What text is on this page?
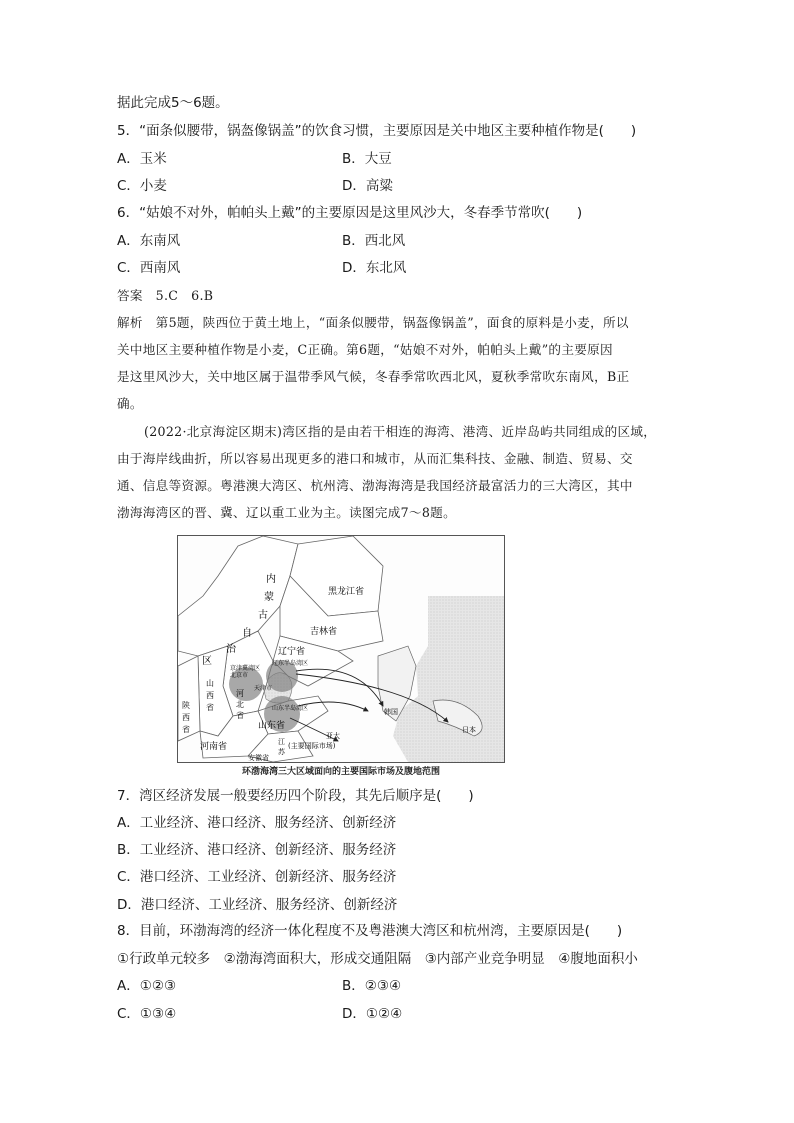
据此完成5～6题。
5．“面条似腰带，锅盔像锅盖”的饮食习惯，主要原因是关中地区主要种植作物是(　　)
A．玉米	B．大豆
C．小麦	D．高粱
6．“姑娘不对外，帕帕头上戴”的主要原因是这里风沙大，冬春季节常吹(　　)
A．东南风	B．西北风
C．西南风	D．东北风
答案　5.C　6.B
解析　第5题，陕西位于黄土地上，“面条似腰带，锅盔像锅盖”，面食的原料是小麦，所以
关中地区主要种植作物是小麦，C正确。第6题，“姑娘不对外，帕帕头上戴”的主要原因
是这里风沙大，关中地区属于温带季风气候，冬春季常吹西北风，夏秋季常吹东南风，B正
确。
(2022·北京海淀区期末)湾区指的是由若干相连的海湾、港湾、近岸岛屿共同组成的区域，
由于海岸线曲折，所以容易出现更多的港口和城市，从而汇集科技、金融、制造、贸易、交
通、信息等资源。粤港澳大湾区、杭州湾、渤海海湾是我国经济最富活力的三大湾区，其中
渤海海湾区的晋、冀、辽以重工业为主。读图完成7～8题。
内
蒙
古
自
治
区
黑龙江省
吉林省
辽宁省
辽东半岛湾区
京津冀湾区
北京市
天津市
河
北
省
山
西
省
陕
西
省
山东半岛湾区
山东省
河南省
韩国
日本
亚太
(主要国际市场)
江
苏
安徽省
环渤海湾三大区域面向的主要国际市场及腹地范围
7．湾区经济发展一般要经历四个阶段，其先后顺序是(　　)
A．工业经济、港口经济、服务经济、创新经济
B．工业经济、港口经济、创新经济、服务经济
C．港口经济、工业经济、创新经济、服务经济
D．港口经济、工业经济、服务经济、创新经济
8．目前，环渤海湾的经济一体化程度不及粤港澳大湾区和杭州湾，主要原因是(　　)
①行政单元较多　②渤海湾面积大，形成交通阻隔　③内部产业竞争明显　④腹地面积小
A．①②③	B．②③④
C．①③④	D．①②④
